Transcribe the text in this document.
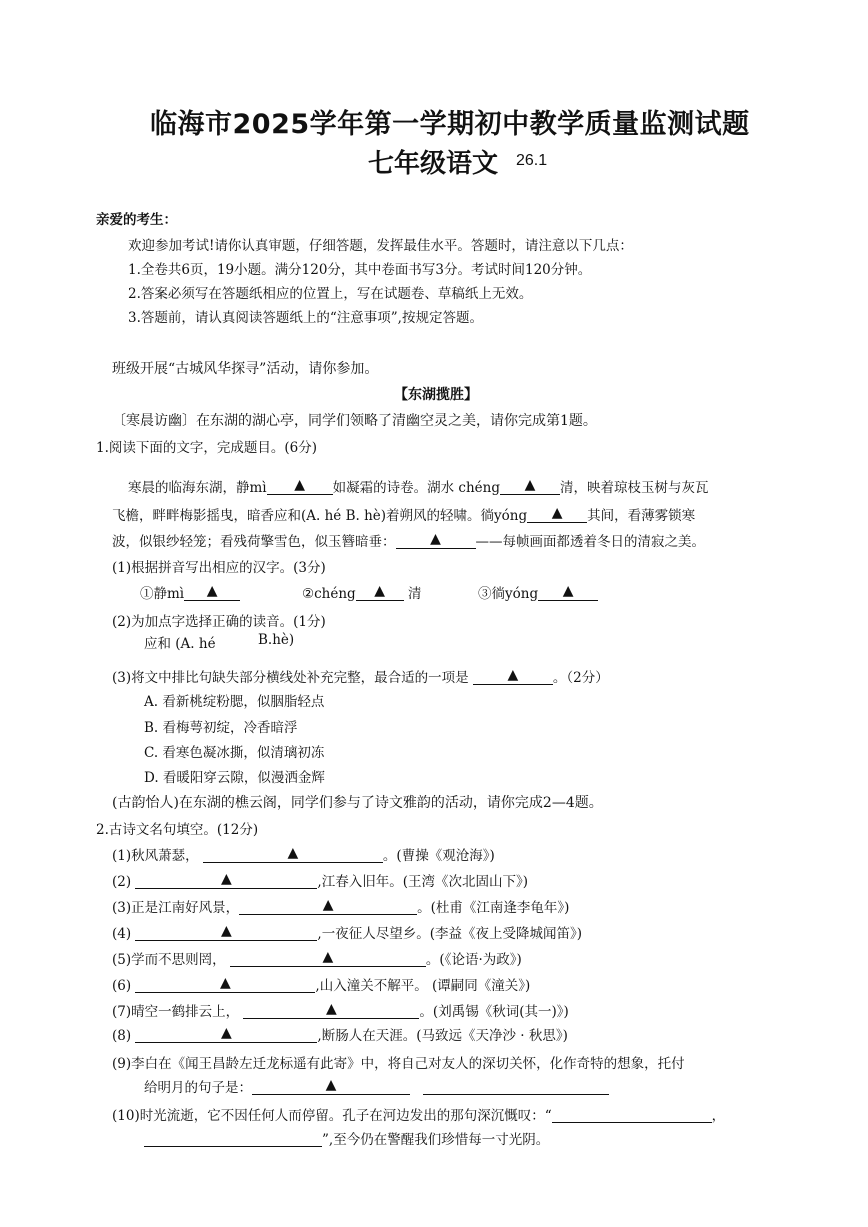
临海市2025学年第一学期初中教学质量监测试题
七年级语文 26.1
亲爱的考生：
欢迎参加考试!请你认真审题，仔细答题，发挥最佳水平。答题时，请注意以下几点：
1.全卷共6页，19小题。满分120分，其中卷面书写3分。考试时间120分钟。
2.答案必须写在答题纸相应的位置上，写在试题卷、草稿纸上无效。
3.答题前，请认真阅读答题纸上的“注意事项”,按规定答题。
班级开展“古城风华探寻”活动，请你参加。
【东湖揽胜】
〔寒晨访幽〕在东湖的湖心亭，同学们领略了清幽空灵之美，请你完成第1题。
1.阅读下面的文字，完成题目。(6分)
寒晨的临海东湖，静mì ▲ 如凝霜的诗卷。湖水 chéng ▲ 清，映着琼枝玉树与灰瓦
飞檐，畔畔梅影摇曳，暗香应和(A. hé B. hè)着朔风的轻啸。徜yóng ▲ 其间，看薄雾锁寒
波，似银纱轻笼；看残荷擎雪色，似玉簪暗垂： ▲	——每帧画面都透着冬日的清寂之美。
(1)根据拼音写出相应的汉字。(3分)
①静mì ▲	②chéng ▲ 清	③徜yóng ▲
(2)为加点字选择正确的读音。(1分)
应和 (A. hé	B.hè)
(3)将文中排比句缺失部分横线处补充完整，最合适的一项是	▲	。（2分）
A. 看新桃绽粉腮，似胭脂轻点
B. 看梅萼初绽，冷香暗浮
C. 看寒色凝冰撕，似清璃初冻
D. 看暖阳穿云隙，似漫洒金辉
(古韵怡人)在东湖的樵云阁，同学们参与了诗文雅韵的活动，请你完成2—4题。
2.古诗文名句填空。(12分)
(1)秋风萧瑟，	▲	。(曹操《观沧海》)
(2)	▲	,江春入旧年。(王湾《次北固山下》)
(3)正是江南好风景，	▲	。(杜甫《江南逢李龟年》)
(4)	▲	,一夜征人尽望乡。(李益《夜上受降城闻笛》)
(5)学而不思则罔，	▲	。(《论语·为政》)
(6)	▲	,山入潼关不解平。 (谭嗣同《潼关》)
(7)晴空一鹤排云上，	▲	。(刘禹锡《秋词(其一)》)
(8)	▲	,断肠人在天涯。(马致远《天净沙 · 秋思》)
(9)李白在《闻王昌龄左迁龙标遥有此寄》中，将自己对友人的深切关怀，化作奇特的想象，托付
给明月的句子是：	▲

(10)时光流逝，它不因任何人而停留。孔子在河边发出的那句深沉慨叹：“	，
”,至今仍在警醒我们珍惜每一寸光阴。
